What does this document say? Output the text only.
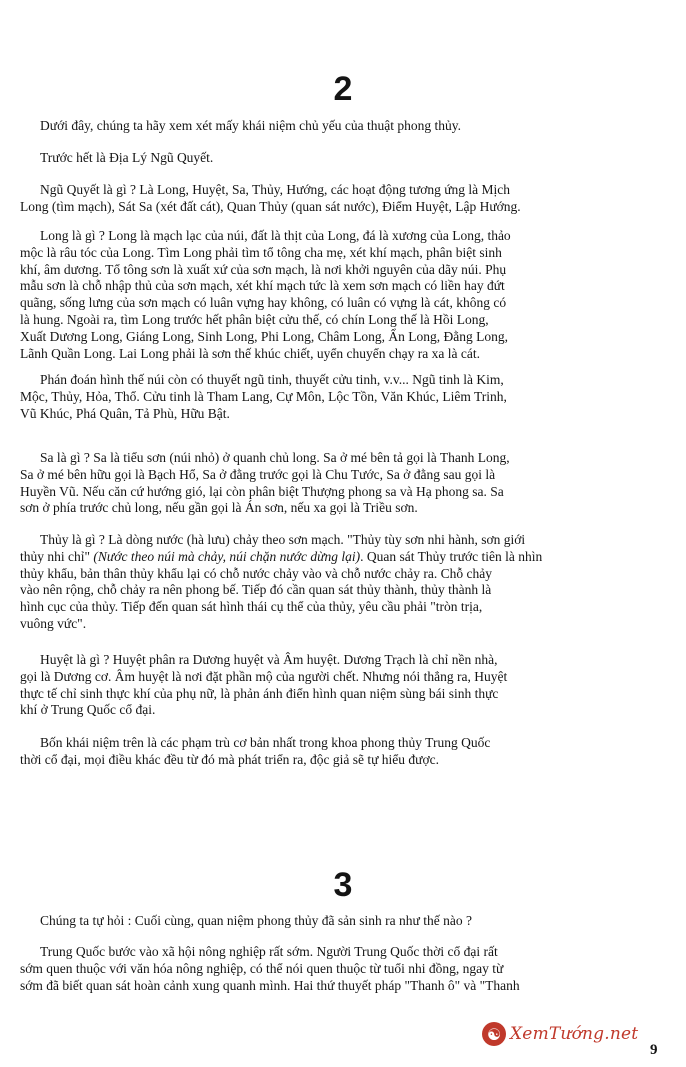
2

Dưới đây, chúng ta hãy xem xét mấy khái niệm chủ yếu của thuật phong thủy.

Trước hết là Địa Lý Ngũ Quyết.

Ngũ Quyết là gì ? Là Long, Huyệt, Sa, Thủy, Hướng, các hoạt động tương ứng là Mịch
Long (tìm mạch), Sát Sa (xét đất cát), Quan Thủy (quan sát nước), Điểm Huyệt, Lập Hướng.

Long là gì ? Long là mạch lạc của núi, đất là thịt của Long, đá là xương của Long, thảo
mộc là râu tóc của Long. Tìm Long phải tìm tổ tông cha mẹ, xét khí mạch, phân biệt sinh
khí, âm dương. Tổ tông sơn là xuất xứ của sơn mạch, là nơi khởi nguyên của dãy núi. Phụ
mẫu sơn là chỗ nhập thủ của sơn mạch, xét khí mạch tức là xem sơn mạch có liền hay đứt
quãng, sống lưng của sơn mạch có luân vựng hay không, có luân có vựng là cát, không có
là hung. Ngoài ra, tìm Long trước hết phân biệt cửu thế, có chín Long thế là Hồi Long,
Xuất Dương Long, Giáng Long, Sinh Long, Phi Long, Châm Long, Ẩn Long, Đằng Long,
Lãnh Quần Long. Lai Long phải là sơn thế khúc chiết, uyển chuyển chạy ra xa là cát.

Phán đoán hình thế núi còn có thuyết ngũ tinh, thuyết cửu tinh, v.v... Ngũ tinh là Kim,
Mộc, Thủy, Hỏa, Thổ. Cửu tinh là Tham Lang, Cự Môn, Lộc Tồn, Văn Khúc, Liêm Trinh,
Vũ Khúc, Phá Quân, Tả Phù, Hữu Bật.

Sa là gì ? Sa là tiểu sơn (núi nhỏ) ở quanh chủ long. Sa ở mé bên tả gọi là Thanh Long,
Sa ở mé bên hữu gọi là Bạch Hổ, Sa ở đằng trước gọi là Chu Tước, Sa ở đằng sau gọi là
Huyền Vũ. Nếu căn cứ hướng gió, lại còn phân biệt Thượng phong sa và Hạ phong sa. Sa
sơn ở phía trước chủ long, nếu gần gọi là Án sơn, nếu xa gọi là Triều sơn.

Thủy là gì ? Là dòng nước (hà lưu) chảy theo sơn mạch. "Thủy tùy sơn nhi hành, sơn giới
thủy nhi chỉ" (Nước theo núi mà chảy, núi chặn nước dừng lại). Quan sát Thủy trước tiên là nhìn
thủy khẩu, bản thân thủy khẩu lại có chỗ nước chảy vào và chỗ nước chảy ra. Chỗ chảy
vào nên rộng, chỗ chảy ra nên phong bế. Tiếp đó cần quan sát thủy thành, thủy thành là
hình cục của thủy. Tiếp đến quan sát hình thái cụ thể của thủy, yêu cầu phải "tròn trịa,
vuông vức".

Huyệt là gì ? Huyệt phân ra Dương huyệt và Âm huyệt. Dương Trạch là chỉ nền nhà,
gọi là Dương cơ. Âm huyệt là nơi đặt phần mộ của người chết. Nhưng nói thẳng ra, Huyệt
thực tế chỉ sinh thực khí của phụ nữ, là phản ánh điển hình quan niệm sùng bái sinh thực
khí ở Trung Quốc cổ đại.

Bốn khái niệm trên là các phạm trù cơ bản nhất trong khoa phong thủy Trung Quốc
thời cổ đại, mọi điều khác đều từ đó mà phát triển ra, độc giả sẽ tự hiểu được.

3

Chúng ta tự hỏi : Cuối cùng, quan niệm phong thủy đã sản sinh ra như thế nào ?

Trung Quốc bước vào xã hội nông nghiệp rất sớm. Người Trung Quốc thời cổ đại rất
sớm quen thuộc với văn hóa nông nghiệp, có thể nói quen thuộc từ tuổi nhi đồng, ngay từ
sớm đã biết quan sát hoàn cảnh xung quanh mình. Hai thứ thuyết pháp "Thanh ô" và "Thanh

☯ XemTướng.net
9
